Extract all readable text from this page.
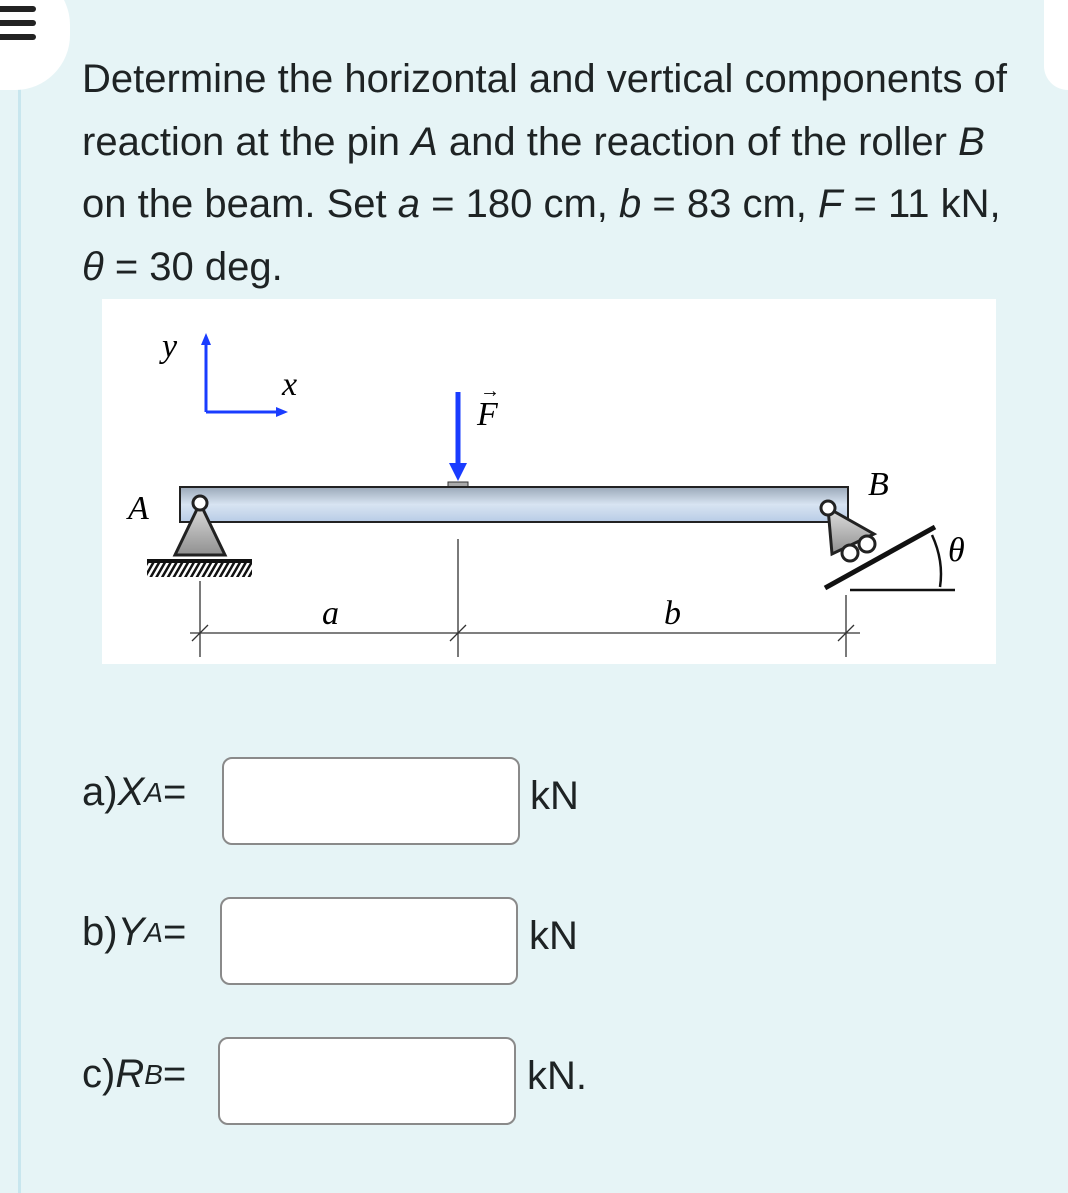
Determine the horizontal and vertical components of reaction at the pin A and the reaction of the roller B on the beam. Set a = 180 cm, b = 83 cm, F = 11 kN, θ = 30 deg.
y
x
F
→
A
B
θ
a	b
a) X A =	kN
b) Y A =	kN
c) R B =	kN.
